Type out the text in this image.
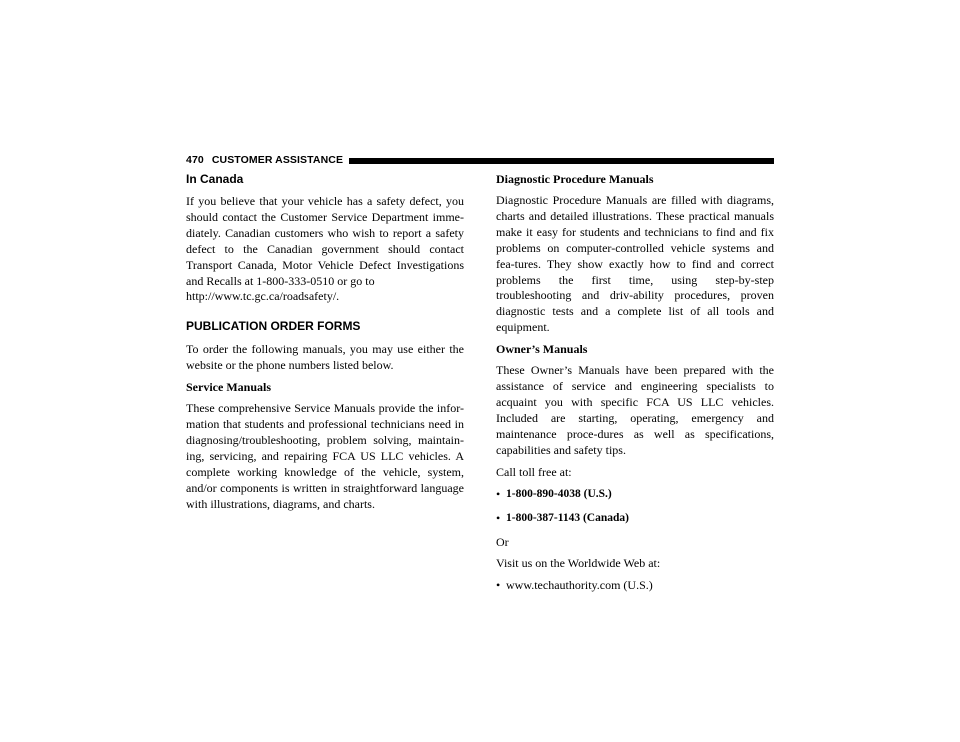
470 CUSTOMER ASSISTANCE
In Canada

If you believe that your vehicle has a safety defect, you should contact the Customer Service Department imme-diately. Canadian customers who wish to report a safety defect to the Canadian government should contact Transport Canada, Motor Vehicle Defect Investigations and Recalls at 1-800-333-0510 or go to
http://www.tc.gc.ca/roadsafety/.

PUBLICATION ORDER FORMS

To order the following manuals, you may use either the website or the phone numbers listed below.

Service Manuals

These comprehensive Service Manuals provide the infor-mation that students and professional technicians need in diagnosing/troubleshooting, problem solving, maintain-ing, servicing, and repairing FCA US LLC vehicles. A complete working knowledge of the vehicle, system, and/or components is written in straightforward language with illustrations, diagrams, and charts.

Diagnostic Procedure Manuals

Diagnostic Procedure Manuals are filled with diagrams, charts and detailed illustrations. These practical manuals make it easy for students and technicians to find and fix problems on computer-controlled vehicle systems and fea-tures. They show exactly how to find and correct problems the first time, using step-by-step troubleshooting and driv-ability procedures, proven diagnostic tests and a complete list of all tools and equipment.

Owner’s Manuals

These Owner’s Manuals have been prepared with the assistance of service and engineering specialists to acquaint you with specific FCA US LLC vehicles. Included are starting, operating, emergency and maintenance proce-dures as well as specifications, capabilities and safety tips.

Call toll free at:

• 1-800-890-4038 (U.S.)
• 1-800-387-1143 (Canada)

Or

Visit us on the Worldwide Web at:

• www.techauthority.com (U.S.)
